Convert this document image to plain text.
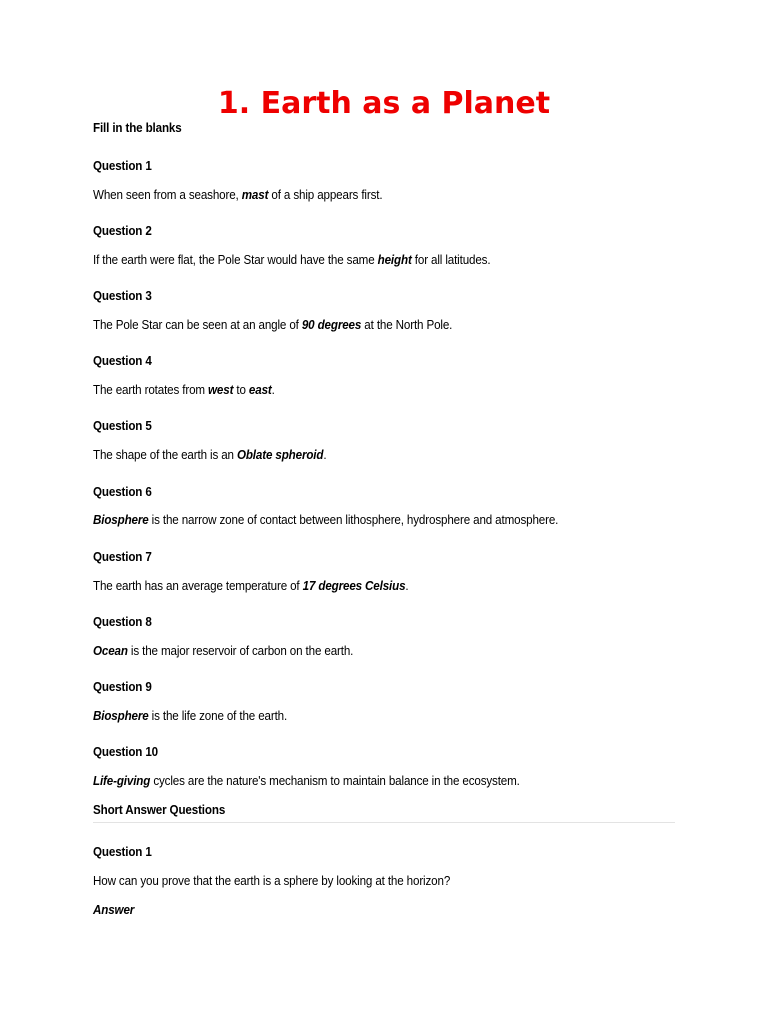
1. Earth as a Planet
Fill in the blanks
Question 1
When seen from a seashore, mast of a ship appears first.
Question 2
If the earth were flat, the Pole Star would have the same height for all latitudes.
Question 3
The Pole Star can be seen at an angle of 90 degrees at the North Pole.
Question 4
The earth rotates from west to east.
Question 5
The shape of the earth is an Oblate spheroid.
Question 6
Biosphere is the narrow zone of contact between lithosphere, hydrosphere and atmosphere.
Question 7
The earth has an average temperature of 17 degrees Celsius.
Question 8
Ocean is the major reservoir of carbon on the earth.
Question 9
Biosphere is the life zone of the earth.
Question 10
Life-giving cycles are the nature's mechanism to maintain balance in the ecosystem.
Short Answer Questions
Question 1
How can you prove that the earth is a sphere by looking at the horizon?
Answer
